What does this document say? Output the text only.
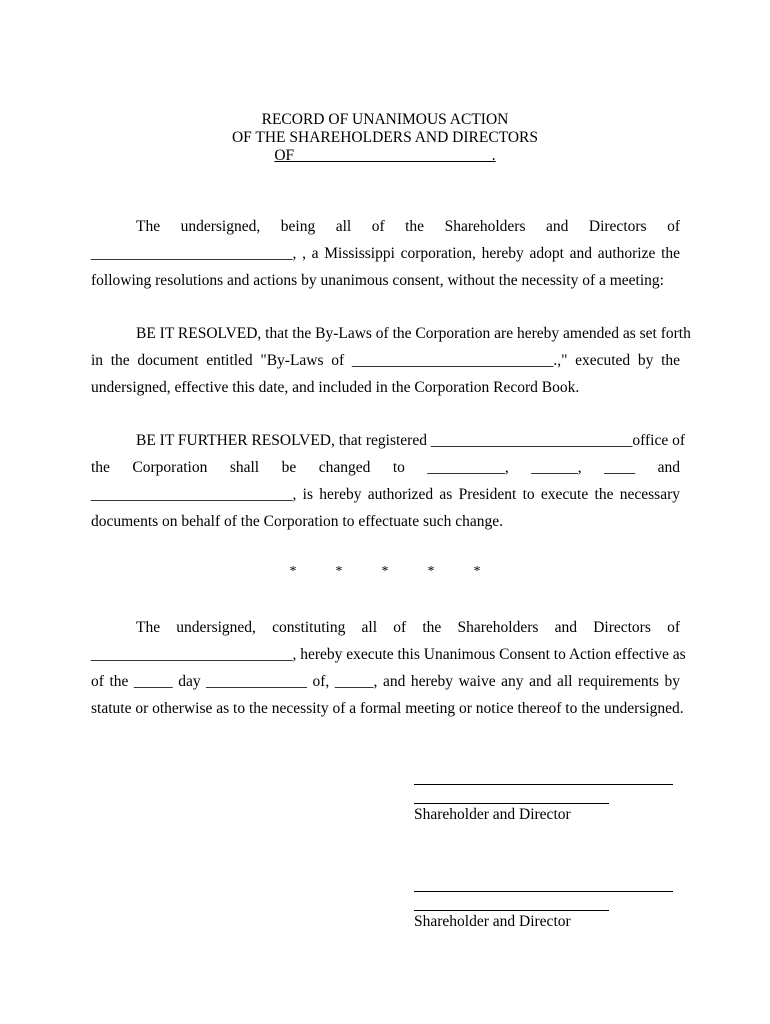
RECORD OF UNANIMOUS ACTION
OF THE SHAREHOLDERS AND DIRECTORS
OF _________________________.
The undersigned, being all of the Shareholders and Directors of
__________________________, , a Mississippi corporation, hereby adopt and authorize the
following resolutions and actions by unanimous consent, without the necessity of a meeting:
BE IT RESOLVED, that the By-Laws of the Corporation are hereby amended as set forth
in the document entitled "By-Laws of __________________________.," executed by the
undersigned, effective this date, and included in the Corporation Record Book.
BE IT FURTHER RESOLVED, that registered __________________________office of
the Corporation shall be changed to __________, ______, ____ and
__________________________, is hereby authorized as President to execute the necessary
documents on behalf of the Corporation to effectuate such change.
*	*	*	*	*
The undersigned, constituting all of the Shareholders and Directors of
__________________________, hereby execute this Unanimous Consent to Action effective as
of the _____ day _____________ of, _____, and hereby waive any and all requirements by
statute or otherwise as to the necessity of a formal meeting or notice thereof to the undersigned.
Shareholder and Director
Shareholder and Director
